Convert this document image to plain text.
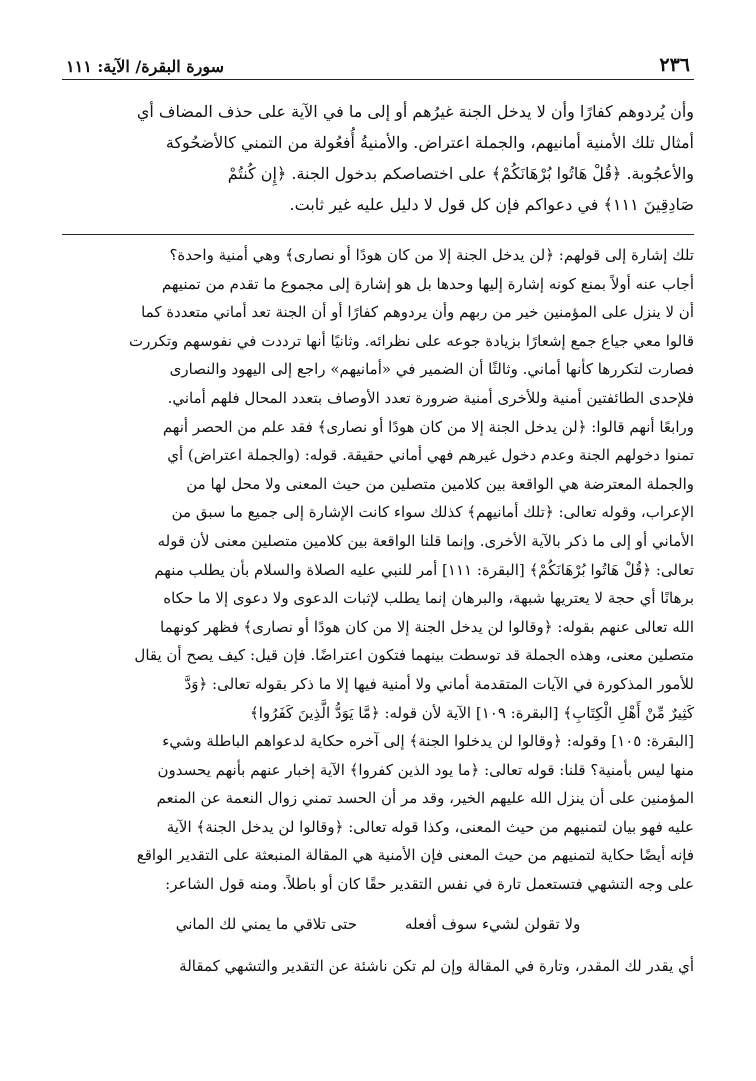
٢٣٦
سورة البقرة/ الآية: ١١١
وأن يُردوهم كفارًا وأن لا يدخل الجنة غيرُهم أو إلى ما في الآية على حذف المضاف أي
أمثال تلك الأمنية أمانيهم، والجملة اعتراض. والأمنيةُ أُفعُولة من التمني كالأضحُوكة
والأعجُوبة. ﴿قُلْ هَاتُوا بُرْهَانَكُمْ﴾ على اختصاصكم بدخول الجنة. ﴿إِن كُنتُمْ
صَادِقِينَ ١١١﴾ في دعواكم فإن كل قول لا دليل عليه غير ثابت.
تلك إشارة إلى قولهم: ﴿لن يدخل الجنة إلا من كان هودًا أو نصارى﴾ وهي أمنية واحدة؟
أجاب عنه أولاً بمنع كونه إشارة إليها وحدها بل هو إشارة إلى مجموع ما تقدم من تمنيهم
أن لا ينزل على المؤمنين خير من ربهم وأن يردوهم كفارًا أو أن الجنة تعد أماني متعددة كما
قالوا معي جياع جمع إشعارًا بزيادة جوعه على نظرائه. وثانيًا أنها ترددت في نفوسهم وتكررت
فصارت لتكررها كأنها أماني. وثالثًا أن الضمير في «أمانيهم» راجع إلى اليهود والنصارى
فلإحدى الطائفتين أمنية وللأخرى أمنية ضرورة تعدد الأوصاف بتعدد المحال فلهم أماني.
ورابعًا أنهم قالوا: ﴿لن يدخل الجنة إلا من كان هودًا أو نصارى﴾ فقد علم من الحصر أنهم
تمنوا دخولهم الجنة وعدم دخول غيرهم فهي أماني حقيقة. قوله: (والجملة اعتراض) أي
والجملة المعترضة هي الواقعة بين كلامين متصلين من حيث المعنى ولا محل لها من
الإعراب، وقوله تعالى: ﴿تلك أمانيهم﴾ كذلك سواء كانت الإشارة إلى جميع ما سبق من
الأماني أو إلى ما ذكر بالآية الأخرى. وإنما قلنا الواقعة بين كلامين متصلين معنى لأن قوله
تعالى: ﴿قُلْ هَاتُوا بُرْهَانَكُمْ﴾ [البقرة: ١١١] أمر للنبي عليه الصلاة والسلام بأن يطلب منهم
برهانًا أي حجة لا يعتريها شبهة، والبرهان إنما يطلب لإثبات الدعوى ولا دعوى إلا ما حكاه
الله تعالى عنهم بقوله: ﴿وقالوا لن يدخل الجنة إلا من كان هودًا أو نصارى﴾ فظهر كونهما
متصلين معنى، وهذه الجملة قد توسطت بينهما فتكون اعتراضًا. فإن قيل: كيف يصح أن يقال
للأمور المذكورة في الآيات المتقدمة أماني ولا أمنية فيها إلا ما ذكر بقوله تعالى: ﴿وَدَّ
كَثِيرٌ مِّنْ أَهْلِ الْكِتَابِ﴾ [البقرة: ١٠٩] الآية لأن قوله: ﴿مَّا يَوَدُّ الَّذِينَ كَفَرُوا﴾
[البقرة: ١٠٥] وقوله: ﴿وقالوا لن يدخلوا الجنة﴾ إلى آخره حكاية لدعواهم الباطلة وشيء
منها ليس بأمنية؟ قلنا: قوله تعالى: ﴿ما يود الذين كفروا﴾ الآية إخبار عنهم بأنهم يحسدون
المؤمنين على أن ينزل الله عليهم الخير، وقد مر أن الحسد تمني زوال النعمة عن المنعم
عليه فهو بيان لتمنيهم من حيث المعنى، وكذا قوله تعالى: ﴿وقالوا لن يدخل الجنة﴾ الآية
فإنه أيضًا حكاية لتمنيهم من حيث المعنى فإن الأمنية هي المقالة المنبعثة على التقدير الواقع
على وجه التشهي فتستعمل تارة في نفس التقدير حقًا كان أو باطلاً. ومنه قول الشاعر:
ولا تقولن لشيء سوف أفعله
حتى تلاقي ما يمني لك الماني
أي يقدر لك المقدر، وتارة في المقالة وإن لم تكن ناشئة عن التقدير والتشهي كمقالة
